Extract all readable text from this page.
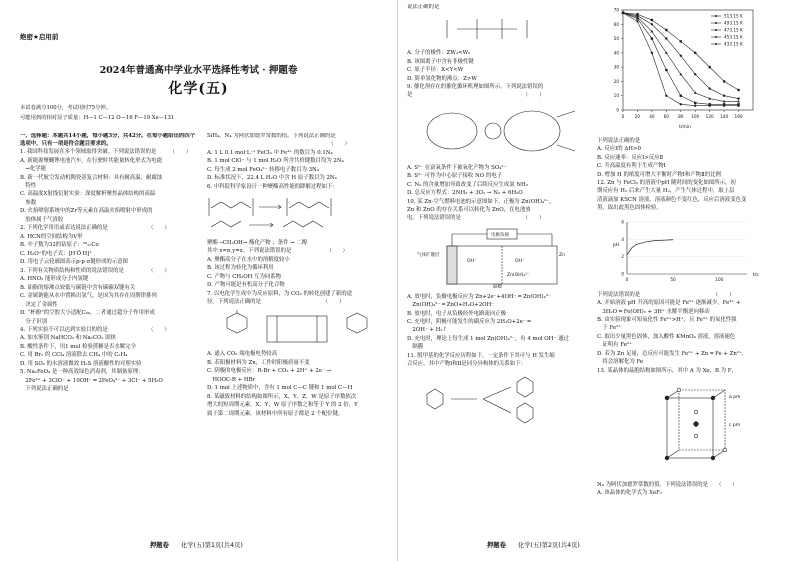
绝密★启用前
2024年普通高中学业水平选择性考试 · 押题卷
化学(五)
本试卷满分100分，考试用时75分钟。
可能用到的相对原子质量：H—1 C—12 O—16 F—19 Xe—131
一、选择题：本题共14小题，每小题3分，共42分。在每小题给出的四个选项中，只有一项是符合题目要求的。
1. 我国科技发展在多个领域取得突破。下列说法错误的是　　　（　　）
A. 新能源聚醚锂电池汽车，在行驶时其能量转化形式为电能
　→化学能
B. 新一代航空发动机陶瓷基复合材料：具有耐高温、耐腐蚀
　特性
C. 高温度X射线衍射实验：深度解析聚焦晶体结构的高温
　参数
D. 火焰喷射系统中的Zr等元素在高温火焰喷射中形成的
　胶体属于气溶胶
2. 下列化学用语或表达说法正确的是　　　　　　　　（　　）
A. HCN的空间结构为V形
B. 中子数为32的钴原子：⁵⁹₂₇Co
C. H₂O⁺的电子式：[H∶Ö∶H]⁺
D. 用电子云轮廓图表示p-p σ键形成的示意图
3. 下列有关物质结构和性质的说法错误的是　　　　　（　　）
A. HNO₃ 能形成分子内氢键
B. 油脂的熔沸点较低与碳链中含有碳碳双键有关
C. 金属钠能从水中置换出氢气，是因为其存在周期律排列
　决定了金属性
D. “杯酚”的空腔大小适配C₆₀，二者通过超分子作用形成
　分子识别
4. 下列实验不可以达到实验目的的是　　　　　　　　（　　）
A. 加水鉴别 NaHCO₃ 和 Na₂CO₃ 固体
B. 酸性条件下，用1 mol 检验蔗糖是否水解完全
C. 用 Br₂ 的 CCl₄ 溶液除去 CH₄ 中的 C₂H₄
D. 用 SO₂ 的水溶液做效 H₂S 溶液酸性的对照实验
5. Na₂FeO₄ 是一种高效绿色消毒剂，其制备原理：
　2Fe³⁺ + 3ClO⁻ + 10OH⁻ ═ 2FeO₄²⁻ + 3Cl⁻ + 5H₂O
　下列说法正确的是
SiH₄。N₄ 为阿伏加德罗常数的值。下列说法正确的是
　　　　　　　　　　　　　　　　　　　　　　　（　　）
A. 1 L 0.1 mol·L⁻¹ FeCl₃ 中 Fe³⁺ 的数目为 0.1N₄
B. 1 mol ClO⁻ 与 1 mol H₂O 所含共价键数目均为 2N₄
C. 每生成 2 mol FeO₄²⁻ 转移电子数目为 3N₄
D. 标准状况下，22.4 L H₂O 中含 H 原子数目为 2N₄
6. 中科院科学家设计一种聚酯高性能的降解过程如下：
聚酯 ─CH₃OH→ 酯化产物 ；条件 → 二醇
其中 x=n,y=x。下列说法错误的是　　　　　　　（　　）
A. 聚酯高分子在水中的溶解度较小
B. 该过程为转化为循环利用
C. 产物与 CH₃OH 互为同系物
D. 产物可能是有机高分子化合物
7. 以电化学生成中为反应原料，为 CO₂ 的转化创建了新的途
径。下列说法正确的是　　　　　　　　　　　　（　　）
A. 通入 CO₂ 端电极电势较高
B. 若阳极材料为 Zn，工作时阳极质量不变
C. 阴极的电极反应：R-Br + CO₂ + 2H⁺ + 2e⁻ →
　HOOC-R + HBr
D. 1 mol 上述物质中，含有 1 mol C—C 键和 1 mol C—H
8. 某磁致材料的结构如图所示，X、Y、Z、W 是原子序数依次
增大的短周期元素，X、Y、W 原子序数之和等于 Y 的 2 倍，Y
属于第二周期元素。该材料中所有原子都是 2 个配位键。
押题卷 化学(五)第1页(共4页)
说法正确的是
A. 分子的极性：ZW₃<W₂
B. 该图离子中含有非极性键
C. 原子半径：X<Y<W
D. 简单氢化物的沸点：Z>W
9. 催化剂存在的催化循环机理如图所示。下列说法错误的
是　　　　　　　　　　　　　　　　　　　　　（　　）
A. S²⁻ 在富氧条件下被氧化产物为 SO₄²⁻
B. S²⁻ 可作为中心原子接收 NO 的电子
C. N₂ 的含量增加导致改变了后续反应生成氨 NH₃
D. 总反应方程式：2NH₃ + 3O₂ → N₂ + 6H₂O
10. 某 Zn-空气燃料电池的示意图如下，正极为 Zn(OH)₄²⁻，
Zn 和 ZnO 的存在关系可以转化为 ZnO，在电池放
电，下列说法错误的是　　　　　　　　　　　　（　　）
电极负载
气体扩散层
OH⁻	OH⁻
Zn
Zn(OH)₄²⁻
隔膜
A. 放电时，负极电极反应为 Zn+2e⁻+4OH⁻ ═ Zn(OH)₄²⁻
　Zn(OH)₄²⁻ ═ ZnO+H₂O+2OH⁻
B. 放电时，电子从负极经外电路流向正极
C. 充电时，阴极可能发生的副反应为 2H₂O+2e⁻ ═
　2OH⁻ + H₂↑
D. 充电时，理论上每生成 1 mol Zn(OH)₄²⁻，有 4 mol OH⁻ 通过
　隔膜
11. 脱甲基的化学反应历程如下，一定条件下其可与 H 发生缩
合反应，其中产物Ⅰ和Ⅱ是同分异构体的关系如下：
0 20 40 60 80 100 120 140 160
0
10
20
30
40
50
60
70
513.15 K
493.15 K
473.15 K
453.15 K
433.15 K
t/min
下列说法正确的是
A. 反应Ⅰ的 ΔH>0
B. 反应速率：反应Ⅰ>反应Ⅱ
C. 升高温度有利于生成产物Ⅰ
D. 增加 H 的浓度可增大平衡时产物Ⅰ和产物Ⅱ的比例
12. Zn 与 FeCl₃ 的溶液中pH 随时间的变化如图所示，初
期反应有 H₂ 后来产生大量 H₂，产生气体过程中，取上层
清液滴加 KSCN 溶液，溶液颜色不变红色，反应后溶液变色变
黑，取出此黑色固体检验。
0	50	100
0
2
4
6
pH
t/s
下列说法错误的是　　　　　　　　　　　　　　（　　）
A. 开始溶液 pH 升高的原因可能是 Fe³⁺ 逐渐减少，Fe³⁺ +
　3H₂O ═ Fe(OH)₃ + 3H⁺ 水解平衡逆向移动
B. 由实验现象可知氧化性 Fe³⁺>H⁺，且 Fe³⁺ 的氧化性强
　于 Fe²⁺
C. 取出少量黑色固体，加入酸性 KMnO₄ 溶液，溶液褪色
　证明有 Fe²⁺
D. 若为 Zn 足量，总反应可能发生 Fe²⁺ + Zn ═ Fe + Zn²⁺，
　将会溶解化为 Fe
13. 某晶体的晶胞结构如图所示，其中 A 为 Xe，B 为 F，
a pm
c pm
N₄ 为阿伏加德罗常数的值。下列说法错误的是　　（　　）
A. 该晶体的化学式为 XeF₂
押题卷 化学(五)第2页(共4页)
